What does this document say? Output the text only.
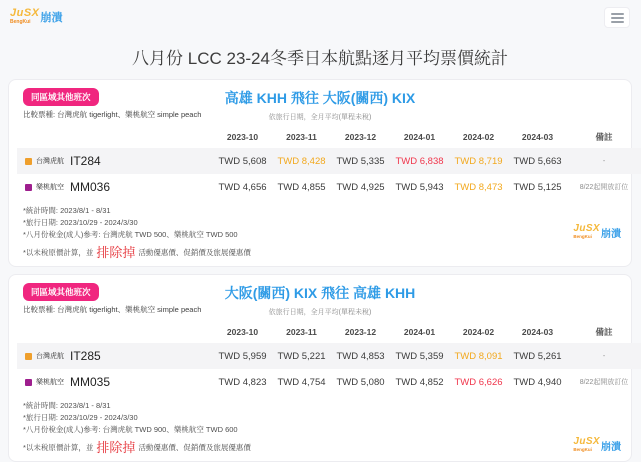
JuSX
BengKui 崩潰
八月份 LCC 23-24冬季日本航點逐月平均票價統計
同區域其他班次	高雄 KHH 飛往 大阪(關西) KIX
依旅行日期，全月平均(單程未稅)
比較票種: 台灣虎航 tigerlight、樂桃航空 simple peach
	2023-10	2023-11	2023-12	2024-01	2024-02	2024-03	備註

台灣虎航 IT284	TWD 5,608	TWD 8,428	TWD 5,335	TWD 6,838	TWD 8,719	TWD 5,663	-

樂桃航空 MM036	TWD 4,656	TWD 4,855	TWD 4,925	TWD 5,943	TWD 8,473	TWD 5,125	8/22起開放訂位
*統計時間: 2023/8/1 - 8/31
*旅行日期: 2023/10/29 - 2024/3/30
*八月份稅金(成人)參考: 台灣虎航 TWD 500、樂桃航空 TWD 500
*以未稅原價計算，並 排除掉 活動優惠價、促銷價及旅展優惠價
JuSX
BengKui 崩潰
同區域其他班次	大阪(關西) KIX 飛往 高雄 KHH
依旅行日期，全月平均(單程未稅)
比較票種: 台灣虎航 tigerlight、樂桃航空 simple peach
	2023-10	2023-11	2023-12	2024-01	2024-02	2024-03	備註

台灣虎航 IT285	TWD 5,959	TWD 5,221	TWD 4,853	TWD 5,359	TWD 8,091	TWD 5,261	-

樂桃航空 MM035	TWD 4,823	TWD 4,754	TWD 5,080	TWD 4,852	TWD 6,626	TWD 4,940	8/22起開放訂位
*統計時間: 2023/8/1 - 8/31
*旅行日期: 2023/10/29 - 2024/3/30
*八月份稅金(成人)參考: 台灣虎航 TWD 900、樂桃航空 TWD 600
*以未稅原價計算，並 排除掉 活動優惠價、促銷價及旅展優惠價
JuSX
BengKui 崩潰
